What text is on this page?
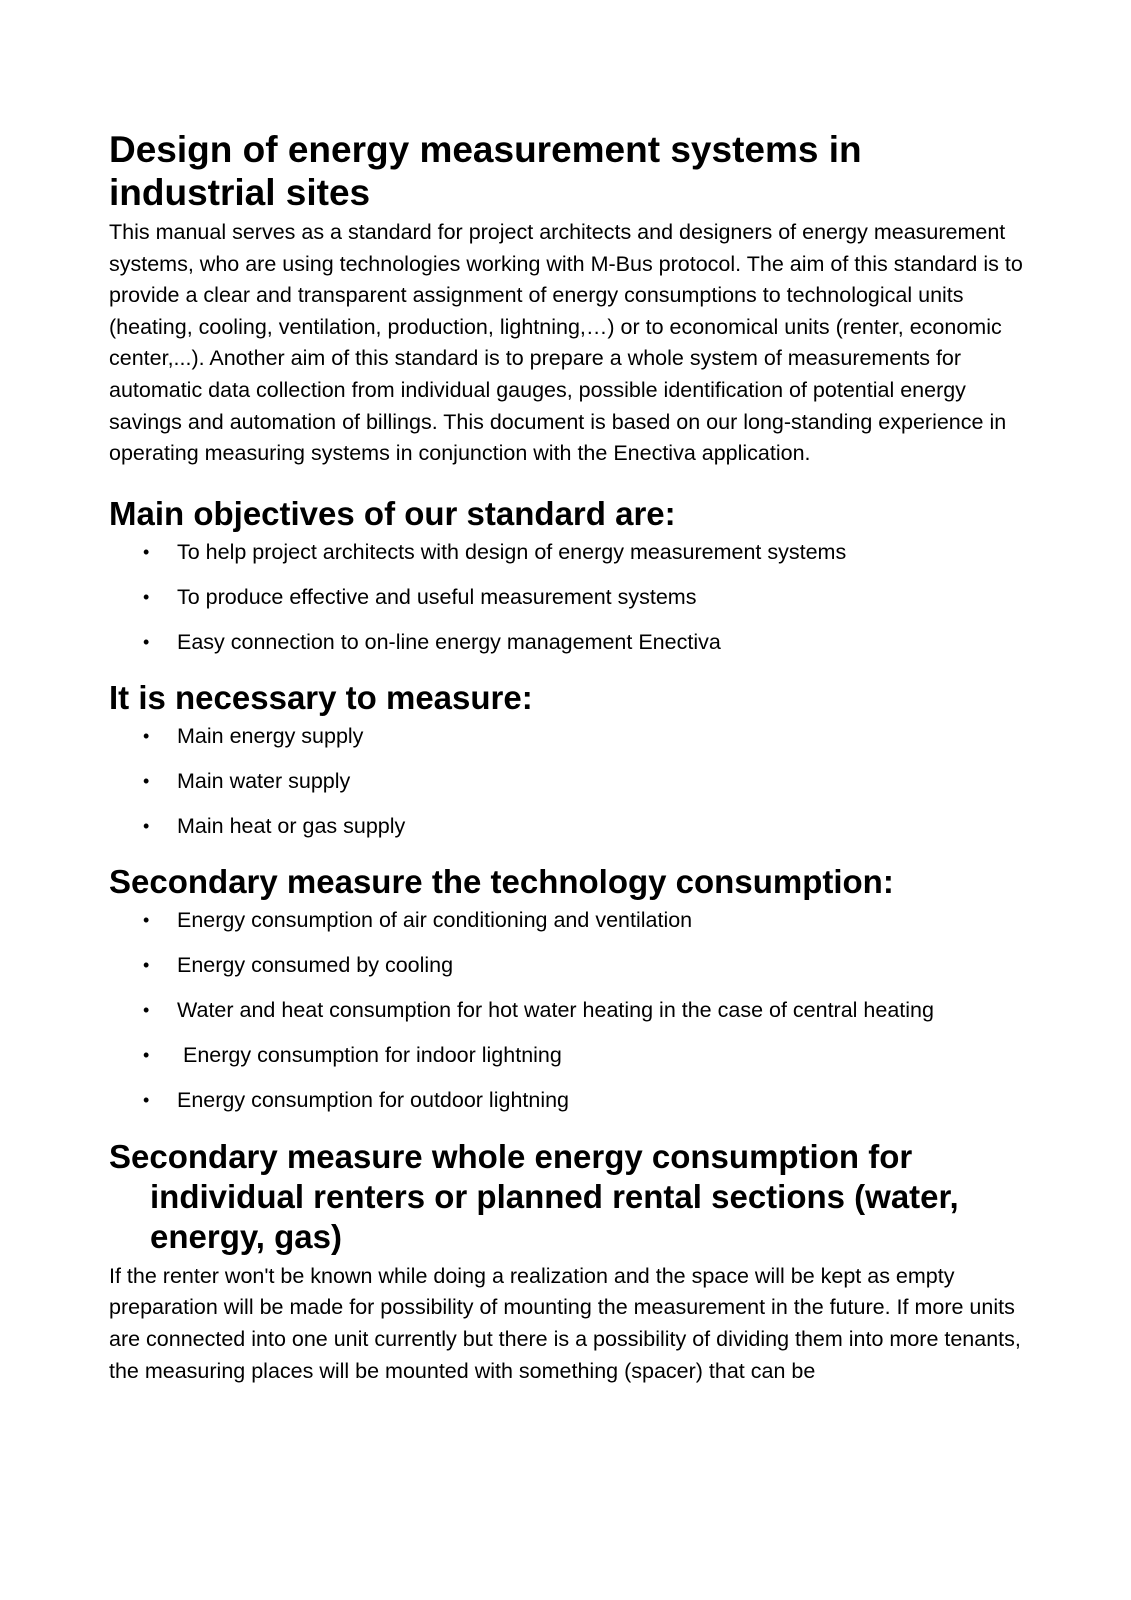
Design of energy measurement systems in industrial sites

This manual serves as a standard for project architects and designers of energy measurement systems, who are using technologies working with M-Bus protocol. The aim of this standard is to provide a clear and transparent assignment of energy consumptions to technological units (heating, cooling, ventilation, production, lightning,…) or to economical units (renter, economic center,...). Another aim of this standard is to prepare a whole system of measurements for automatic data collection from individual gauges, possible identification of potential energy savings and automation of billings. This document is based on our long-standing experience in operating measuring systems in conjunction with the Enectiva application.

Main objectives of our standard are:
• To help project architects with design of energy measurement systems
• To produce effective and useful measurement systems
• Easy connection to on-line energy management Enectiva
It is necessary to measure:
• Main energy supply
• Main water supply
• Main heat or gas supply
Secondary measure the technology consumption:
• Energy consumption of air conditioning and ventilation
• Energy consumed by cooling
• Water and heat consumption for hot water heating in the case of central heating
• Energy consumption for indoor lightning
• Energy consumption for outdoor lightning
Secondary measure whole energy consumption for individual renters or planned rental sections (water, energy, gas)

If the renter won't be known while doing a realization and the space will be kept as empty preparation will be made for possibility of mounting the measurement in the future. If more units are connected into one unit currently but there is a possibility of dividing them into more tenants, the measuring places will be mounted with something (spacer) that can be
